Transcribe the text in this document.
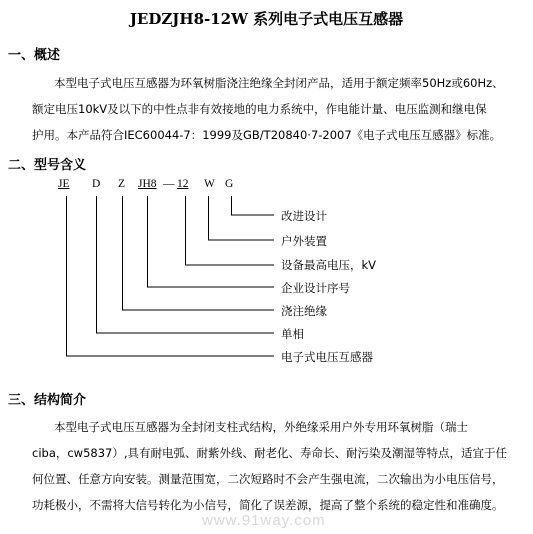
JEDZJH8-12W 系列电子式电压互感器
一、概述
本型电子式电压互感器为环氧树脂浇注绝缘全封闭产品，适用于额定频率50Hz或60Hz、
额定电压10kV及以下的中性点非有效接地的电力系统中，作电能计量、电压监测和继电保
护用。本产品符合IEC60044-7：1999及GB/T20840·7-2007《电子式电压互感器》标准。
二、型号含义
JE D Z JH8 — 12 W G
改进设计
户外装置
设备最高电压，kV
企业设计序号
浇注绝缘
单相
电子式电压互感器
三、结构简介
本型电子式电压互感器为全封闭支柱式结构，外绝缘采用户外专用环氧树脂（瑞士
ciba，cw5837）,具有耐电弧、耐紫外线、耐老化、寿命长、耐污染及潮湿等特点，适宜于任
何位置、任意方向安装。测量范围宽，二次短路时不会产生强电流，二次输出为小电压信号，
功耗极小，不需将大信号转化为小信号，简化了误差源，提高了整个系统的稳定性和准确度。
www.91way.com
